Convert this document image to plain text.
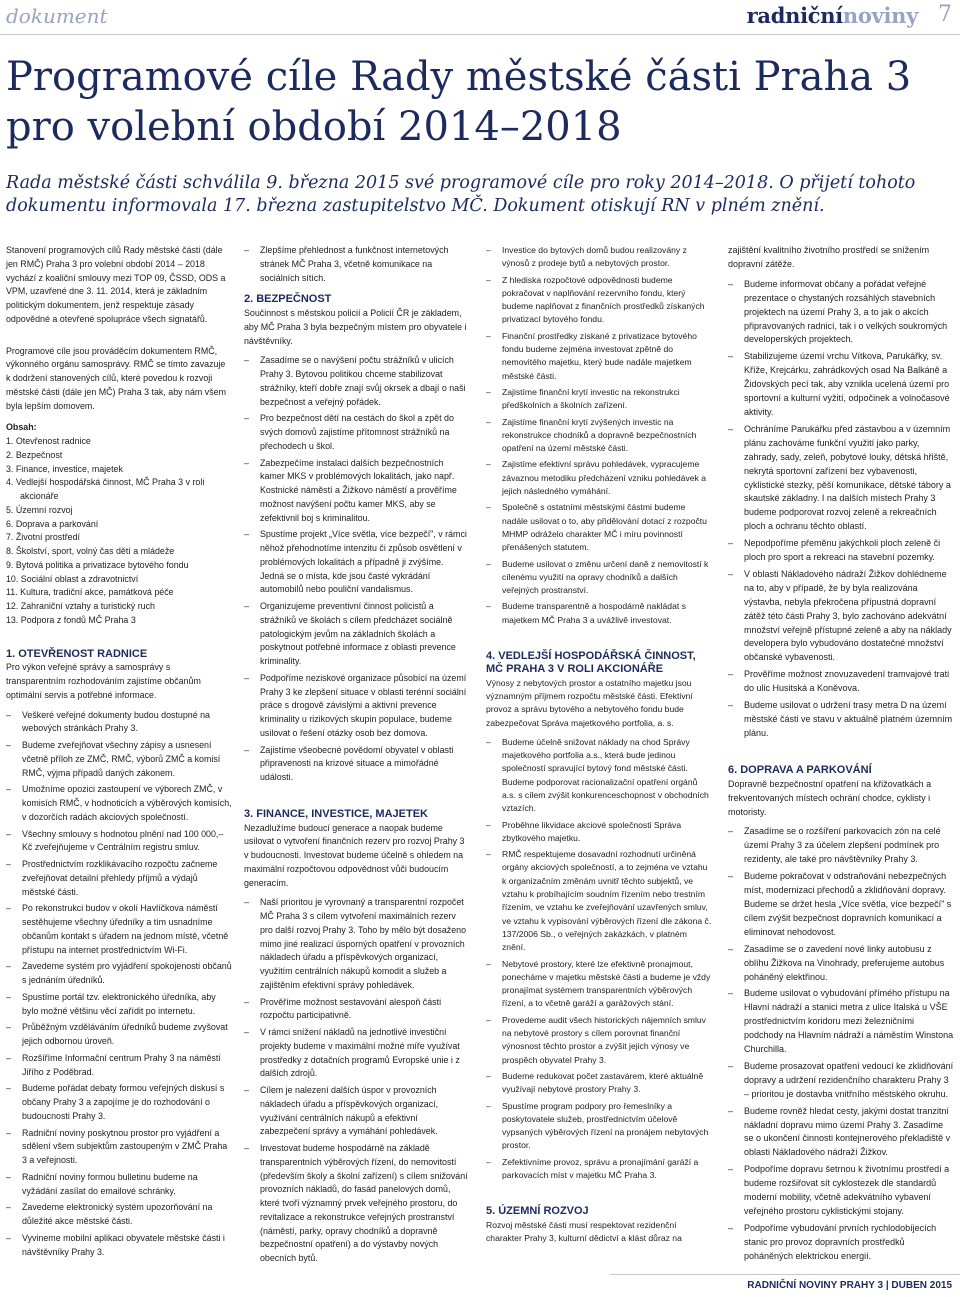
dokument	radničnínoviny 7
Programové cíle Rady městské části Praha 3 pro volební období 2014–2018

Rada městské části schválila 9. března 2015 své programové cíle pro roky 2014–2018. O přijetí tohoto dokumentu informovala 17. března zastupitelstvo MČ. Dokument otiskují RN v plném znění.

Stanovení programových cílů Rady městské části (dále jen RMČ) Praha 3 pro volební období 2014 – 2018 vychází z koaliční smlouvy mezi TOP 09, ČSSD, ODS a VPM, uzavřené dne 3. 11. 2014, která je základním politickým dokumentem, jenž respektuje zásady odpovědné a otevřené spolupráce všech signatářů.

Programové cíle jsou prováděcím dokumentem RMČ, výkonného orgánu samosprávy. RMČ se tímto zavazuje k dodržení stanovených cílů, které povedou k rozvoji městské části (dále jen MČ) Praha 3 tak, aby nám všem byla lepším domovem.

Obsah:
1. Otevřenost radnice
2. Bezpečnost
3. Finance, investice, majetek
4. Vedlejší hospodářská činnost, MČ Praha 3 v roli akcionáře
5. Územní rozvoj
6. Doprava a parkování
7. Životní prostředí
8. Školství, sport, volný čas dětí a mládeže
9. Bytová politika a privatizace bytového fondu
10. Sociální oblast a zdravotnictví
11. Kultura, tradiční akce, památková péče
12. Zahraniční vztahy a turistický ruch
13. Podpora z fondů MČ Praha 3
1. OTEVŘENOST RADNICE

Pro výkon veřejné správy a samosprávy s transparentním rozhodováním zajistíme občanům optimální servis a potřebné informace.

– Veškeré veřejné dokumenty budou dostupné na webových stránkách Prahy 3.
– Budeme zveřejňovat všechny zápisy a usnesení včetně příloh ze ZMČ, RMČ, výborů ZMČ a komisí RMČ, výjma případů daných zákonem.
– Umožníme opozici zastoupení ve výborech ZMČ, v komisích RMČ, v hodnoticích a výběrových komisích, v dozorčích radách akciových společností.
– Všechny smlouvy s hodnotou plnění nad 100 000,– Kč zveřejňujeme v Centrálním registru smluv.
– Prostřednictvím rozklikávacího rozpočtu začneme zveřejňovat detailní přehledy příjmů a výdajů městské části.
– Po rekonstrukci budov v okolí Havlíčkova náměstí sestěhujeme všechny úředníky a tím usnadníme občanům kontakt s úřadem na jednom místě, včetně přístupu na internet prostřednictvím Wi-Fi.
– Zavedeme systém pro vyjádření spokojenosti občanů s jednáním úředníků.
– Spustíme portál tzv. elektronického úředníka, aby bylo možné většinu věcí zařídit po internetu.
– Průběžným vzděláváním úředníků budeme zvyšovat jejich odbornou úroveň.
– Rozšíříme Informační centrum Prahy 3 na náměstí Jiřího z Poděbrad.
– Budeme pořádat debaty formou veřejných diskusí s občany Prahy 3 a zapojíme je do rozhodování o budoucnosti Prahy 3.
– Radniční noviny poskytnou prostor pro vyjádření a sdělení všem subjektům zastoupeným v ZMČ Praha 3 a veřejnosti.
– Radniční noviny formou bulletinu budeme na vyžádání zasílat do emailové schránky.
– Zavedeme elektronický systém upozorňování na důležité akce městské části.
– Vyvineme mobilní aplikaci obyvatele městské části i návštěvníky Prahy 3.
– Zlepšíme přehlednost a funkčnost internetových stránek MČ Praha 3, včetně komunikace na sociálních sítích.
2. BEZPEČNOST

Součinnost s městskou policií a Policií ČR je základem, aby MČ Praha 3 byla bezpečným místem pro obyvatele i návštěvníky.

– Zasadíme se o navýšení počtu strážníků v ulicích Prahy 3. Bytovou politikou chceme stabilizovat strážníky, kteří dobře znají svůj okrsek a dbají o naši bezpečnost a veřejný pořádek.
– Pro bezpečnost dětí na cestách do škol a zpět do svých domovů zajistíme přítomnost strážníků na přechodech u škol.
– Zabezpečíme instalaci dalších bezpečnostních kamer MKS v problémových lokalitách, jako např. Kostnické náměstí a Žižkovo náměstí a prověříme možnost navýšení počtu kamer MKS, aby se zefektivnil boj s kriminalitou.
– Spustíme projekt „Více světla, více bezpečí", v rámci něhož přehodnotíme intenzitu či způsob osvětlení v problémových lokalitách a případně ji zvýšíme. Jedná se o místa, kde jsou časté vykrádání automobilů nebo pouliční vandalismus.
– Organizujeme preventivní činnost policistů a strážníků ve školách s cílem předcházet sociálně patologickým jevům na základních školách a poskytnout potřebné informace z oblasti prevence kriminality.
– Podpoříme neziskové organizace působící na území Prahy 3 ke zlepšení situace v oblasti terénní sociální práce s drogově závislými a aktivní prevence kriminality u rizikových skupin populace, budeme usilovat o řešení otázky osob bez domova.
– Zajistíme všeobecné povědomí obyvatel v oblasti připravenosti na krizové situace a mimořádné události.
3. FINANCE, INVESTICE, MAJETEK

Nezadlužíme budoucí generace a naopak budeme usilovat o vytvoření finančních rezerv pro rozvoj Prahy 3 v budoucnosti. Investovat budeme účelně s ohledem na maximální rozpočtovou odpovědnost vůči budoucím generacím.

– Naší prioritou je vyrovnaný a transparentní rozpočet MČ Praha 3 s cílem vytvoření maximálních rezerv pro další rozvoj Prahy 3. Toho by mělo být dosaženo mimo jiné realizací úsporných opatření v provozních nákladech úřadu a příspěvkových organizací, využitím centrálních nákupů komodit a služeb a zajištěním efektivní správy pohledávek.
– Prověříme možnost sestavování alespoň části rozpočtu participativně.
– V rámci snížení nákladů na jednotlivé investiční projekty budeme v maximální možné míře využívat prostředky z dotačních programů Evropské unie i z dalších zdrojů.
– Cílem je nalezení dalších úspor v provozních nákladech úřadu a příspěvkových organizací, využívání centrálních nákupů a efektivní zabezpečení správy a vymáhání pohledávek.
– Investovat budeme hospodárně na základě transparentních výběrových řízení, do nemovitostí (především školy a školní zařízení) s cílem snižování provozních nákladů, do fasád panelových domů, které tvoří významný prvek veřejného prostoru, do revitalizace a rekonstrukce veřejných prostranství (náměstí, parky, opravy chodníků a dopravně bezpečnostní opatření) a do výstavby nových obecních bytů.
– Investice do bytových domů budou realizovány z výnosů z prodeje bytů a nebytových prostor.
– Z hlediska rozpočtové odpovědnosti budeme pokračovat v naplňování rezervního fondu, který budeme naplňovat z finančních prostředků získaných privatizací bytového fondu.
– Finanční prostředky získané z privatizace bytového fondu budeme zejména investovat zpětně do nemovitého majetku, který bude nadále majetkem městské části.
– Zajistíme finanční krytí investic na rekonstrukci předškolních a školních zařízení.
– Zajistíme finanční krytí zvýšených investic na rekonstrukce chodníků a dopravně bezpečnostních opatření na území městské části.
– Zajistíme efektivní správu pohledávek, vypracujeme závaznou metodiku předcházení vzniku pohledávek a jejich následného vymáhání.
– Společně s ostatními městskými částmi budeme nadále usilovat o to, aby přidělování dotací z rozpočtu MHMP odráželo charakter MČ i míru povinností přenášených statutem.
– Budeme usilovat o změnu určení daně z nemovitostí k cílenému využití na opravy chodníků a dalších veřejných prostranství.
– Budeme transparentně a hospodárně nakládat s majetkem MČ Praha 3 a uvážlivě investovat.
4. VEDLEJŠÍ HOSPODÁŘSKÁ ČINNOST, MČ PRAHA 3 V ROLI AKCIONÁŘE

Výnosy z nebytových prostor a ostatního majetku jsou významným příjmem rozpočtu městské části. Efektivní provoz a správu bytového a nebytového fondu bude zabezpečovat Správa majetkového portfolia, a. s.

– Budeme účelně snižovat náklady na chod Správy majetkového portfolia a.s., která bude jedinou společností spravující bytový fond městské části. Budeme podporovat racionalizační opatření orgánů a.s. s cílem zvýšit konkurenceschopnost v obchodních vztazích.
– Proběhne likvidace akciové společnosti Správa zbytkového majetku.
– RMČ respektujeme dosavadní rozhodnutí určiněná orgány akciových společností, a to zejména ve vztahu k organizačním změnám uvnitř těchto subjektů, ve vztahu k probíhajícím soudním řízením nebo trestním řízením, ve vztahu ke zveřejňování uzavřených smluv, ve vztahu k vypisování výběrových řízení dle zákona č. 137/2006 Sb., o veřejných zakázkách, v platném znění.
– Nebytové prostory, které lze efektivně pronajmout, ponecháme v majetku městské části a budeme je vždy pronajímat systémem transparentních výběrových řízení, a to včetně garáží a garážových stání.
– Provedeme audit všech historických nájemních smluv na nebytové prostory s cílem porovnat finanční výnosnost těchto prostor a zvýšit jejich výnosy ve prospěch obyvatel Prahy 3.
– Budeme redukovat počet zastavárem, které aktuálně využívají nebytové prostory Prahy 3.
– Spustíme program podpory pro řemeslníky a poskytovatele služeb, prostřednictvím účelově vypsaných výběrových řízení na pronájem nebytových prostor.
– Zefektivníme provoz, správu a pronajímání garáží a parkovacích míst v majetku MČ Praha 3.
5. ÚZEMNÍ ROZVOJ

Rozvoj městské části musí respektovat rezidenční charakter Prahy 3, kulturní dědictví a klást důraz na

zajištění kvalitního životního prostředí se snížením dopravní zátěže.

– Budeme informovat občany a pořádat veřejné prezentace o chystaných rozsáhlých stavebních projektech na území Prahy 3, a to jak o akcích připravovaných radnicí, tak i o velkých soukromých developerských projektech.
– Stabilizujeme území vrchu Vítkova, Parukářky, sv. Kříže, Krejcárku, zahrádkových osad Na Balkáně a Židovských pecí tak, aby vznikla ucelená území pro sportovní a kulturní vyžití, odpočinek a volnočasové aktivity.
– Ochráníme Parukářku před zástavbou a v územním plánu zachováme funkční využití jako parky, zahrady, sady, zeleň, pobytové louky, dětská hřiště, nekrytá sportovní zařízení bez vybavenosti, cyklistické stezky, pěší komunikace, dětské tábory a skautské základny. I na dalších místech Prahy 3 budeme podporovat rozvoj zeleně a rekreačních ploch a ochranu těchto oblastí.
– Nepodpoříme přeměnu jakýchkoli ploch zeleně či ploch pro sport a rekreaci na stavební pozemky.
– V oblasti Nákladového nádraží Žižkov dohlédneme na to, aby v případě, že by byla realizována výstavba, nebyla překročena přípustná dopravní zátěž této části Prahy 3, bylo zachováno adekvátní množství veřejně přístupné zeleně a aby na náklady developera bylo vybudováno dostatečné množství občanské vybavenosti.
– Prověříme možnost znovuzavedení tramvajové trati do ulic Husitská a Koněvova.
– Budeme usilovat o udržení trasy metra D na území městské části ve stavu v aktuálně platném územním plánu.
6. DOPRAVA A PARKOVÁNÍ

Dopravně bezpečnostní opatření na křižovatkách a frekventovaných místech ochrání chodce, cyklisty i motoristy.

– Zasadíme se o rozšíření parkovacích zón na celé území Prahy 3 za účelem zlepšení podmínek pro rezidenty, ale také pro návštěvníky Prahy 3.
– Budeme pokračovat v odstraňování nebezpečných míst, modernizaci přechodů a zklidňování dopravy. Budeme se držet hesla „Více světla, více bezpečí" s cílem zvýšit bezpečnost dopravních komunikací a eliminovat nehodovost.
– Zasadíme se o zavedení nové linky autobusu z oblíhu Žižkova na Vinohrady, preferujeme autobus poháněný elektřinou.
– Budeme usilovat o vybudování přímého přístupu na Hlavní nádraží a stanici metra z ulice Italská u VŠE prostřednictvím koridoru mezi železničními podchody na Hlavním nádraží a náměstím Winstona Churchilla.
– Budeme prosazovat opatření vedoucí ke zklidňování dopravy a udržení rezidenčního charakteru Prahy 3 – prioritou je dostavba vnitřního městského okruhu.
– Budeme rovněž hledat cesty, jakými dostat tranzitní nákladní dopravu mimo území Prahy 3. Zasadíme se o ukončení činnosti kontejnerového překladiště v oblasti Nákladového nádraží Žižkov.
– Podpoříme dopravu šetrnou k životnímu prostředí a budeme rozšiřovat sít cyklostezek dle standardů moderní mobility, včetně adekvátního vybavení veřejného prostoru cyklistickými stojany.
– Podpoříme vybudování prvních rychlodobíjecích stanic pro provoz dopravních prostředků poháněných elektrickou energií.
RADNIČNÍ NOVINY PRAHY 3 | DUBEN 2015
